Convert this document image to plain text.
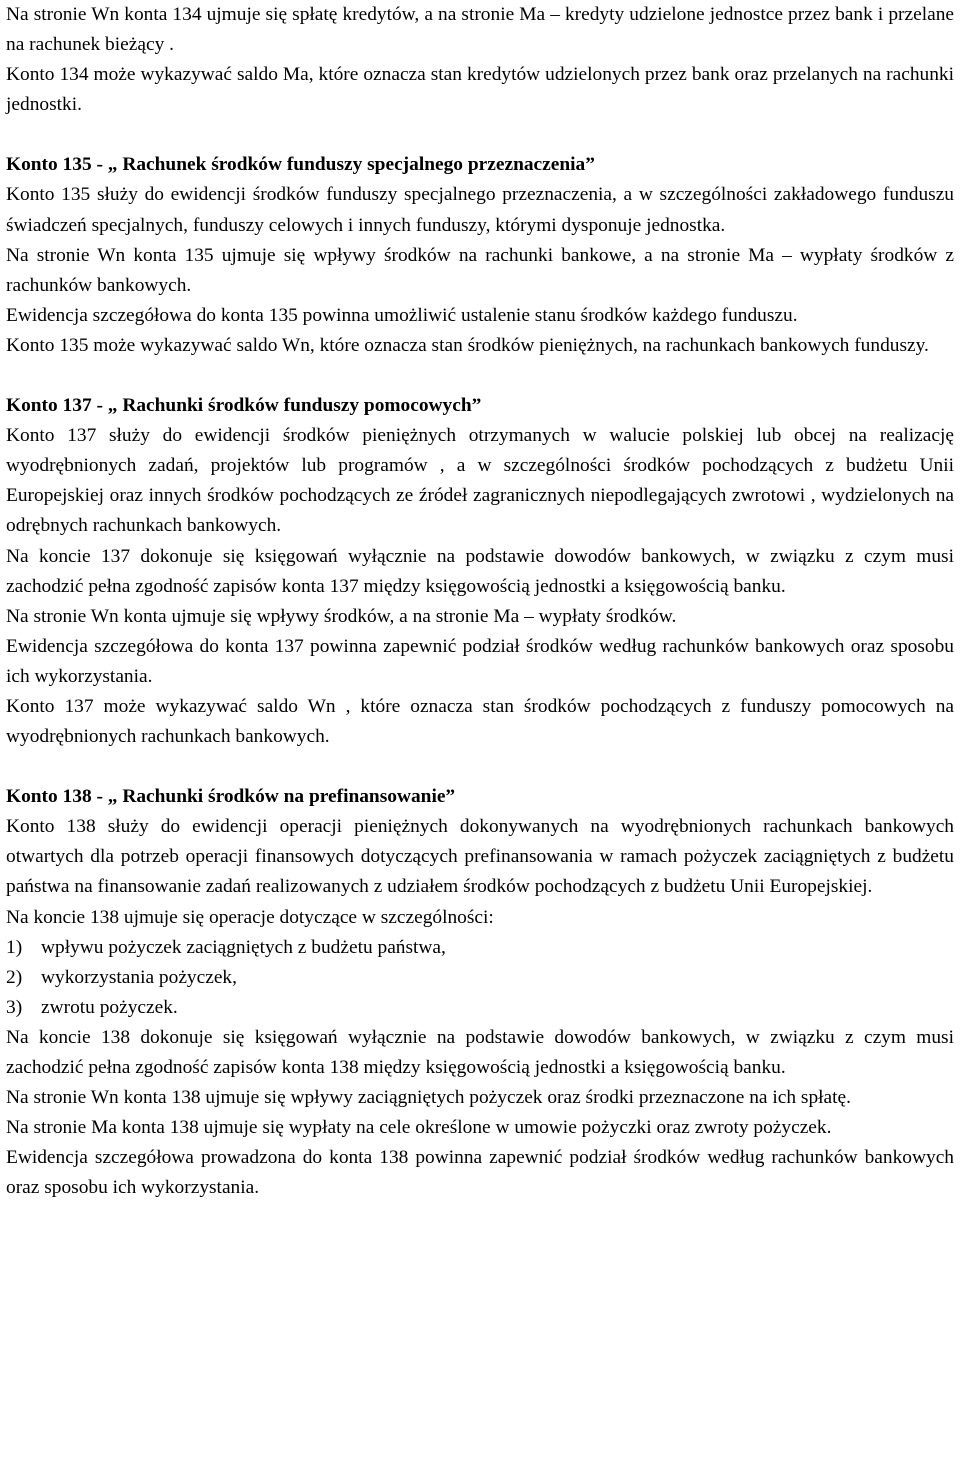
Na stronie Wn konta 134 ujmuje się spłatę kredytów, a na stronie Ma – kredyty udzielone jednostce przez bank i przelane na rachunek bieżący .

Konto 134 może wykazywać saldo Ma, które oznacza stan kredytów udzielonych przez bank oraz przelanych na rachunki jednostki.

Konto 135 - „ Rachunek środków funduszy specjalnego przeznaczenia”

Konto 135 służy do ewidencji środków funduszy specjalnego przeznaczenia, a w szczególności zakładowego funduszu świadczeń specjalnych, funduszy celowych i innych funduszy, którymi dysponuje jednostka.

Na stronie Wn konta 135 ujmuje się wpływy środków na rachunki bankowe, a na stronie Ma – wypłaty środków z rachunków bankowych.

Ewidencja szczegółowa do konta 135 powinna umożliwić ustalenie stanu środków każdego funduszu.

Konto 135 może wykazywać saldo Wn, które oznacza stan środków pieniężnych, na rachunkach bankowych funduszy.

Konto 137 - „ Rachunki środków funduszy pomocowych”

Konto 137 służy do ewidencji środków pieniężnych otrzymanych w walucie polskiej lub obcej na realizację wyodrębnionych zadań, projektów lub programów , a w szczególności środków pochodzących z budżetu Unii Europejskiej oraz innych środków pochodzących ze źródeł zagranicznych niepodlegających zwrotowi , wydzielonych na odrębnych rachunkach bankowych.

Na koncie 137 dokonuje się księgowań wyłącznie na podstawie dowodów bankowych, w związku z czym musi zachodzić pełna zgodność zapisów konta 137 między księgowością jednostki a księgowością banku.

Na stronie Wn konta ujmuje się wpływy środków, a na stronie Ma – wypłaty środków.

Ewidencja szczegółowa do konta 137 powinna zapewnić podział środków według rachunków bankowych oraz sposobu ich wykorzystania.

Konto 137 może wykazywać saldo Wn , które oznacza stan środków pochodzących z funduszy pomocowych na wyodrębnionych rachunkach bankowych.

Konto 138 - „ Rachunki środków na prefinansowanie”

Konto 138 służy do ewidencji operacji pieniężnych dokonywanych na wyodrębnionych rachunkach bankowych otwartych dla potrzeb operacji finansowych dotyczących prefinansowania w ramach pożyczek zaciągniętych z budżetu państwa na finansowanie zadań realizowanych z udziałem środków pochodzących z budżetu Unii Europejskiej.

Na koncie 138 ujmuje się operacje dotyczące w szczególności:

1) wpływu pożyczek zaciągniętych z budżetu państwa,
2) wykorzystania pożyczek,
3) zwrotu pożyczek.

Na koncie 138 dokonuje się księgowań wyłącznie na podstawie dowodów bankowych, w związku z czym musi zachodzić pełna zgodność zapisów konta 138 między księgowością jednostki a księgowością banku.

Na stronie Wn konta 138 ujmuje się wpływy zaciągniętych pożyczek oraz środki przeznaczone na ich spłatę.

Na stronie Ma konta 138 ujmuje się wypłaty na cele określone w umowie pożyczki oraz zwroty pożyczek.

Ewidencja szczegółowa prowadzona do konta 138 powinna zapewnić podział środków według rachunków bankowych oraz sposobu ich wykorzystania.
